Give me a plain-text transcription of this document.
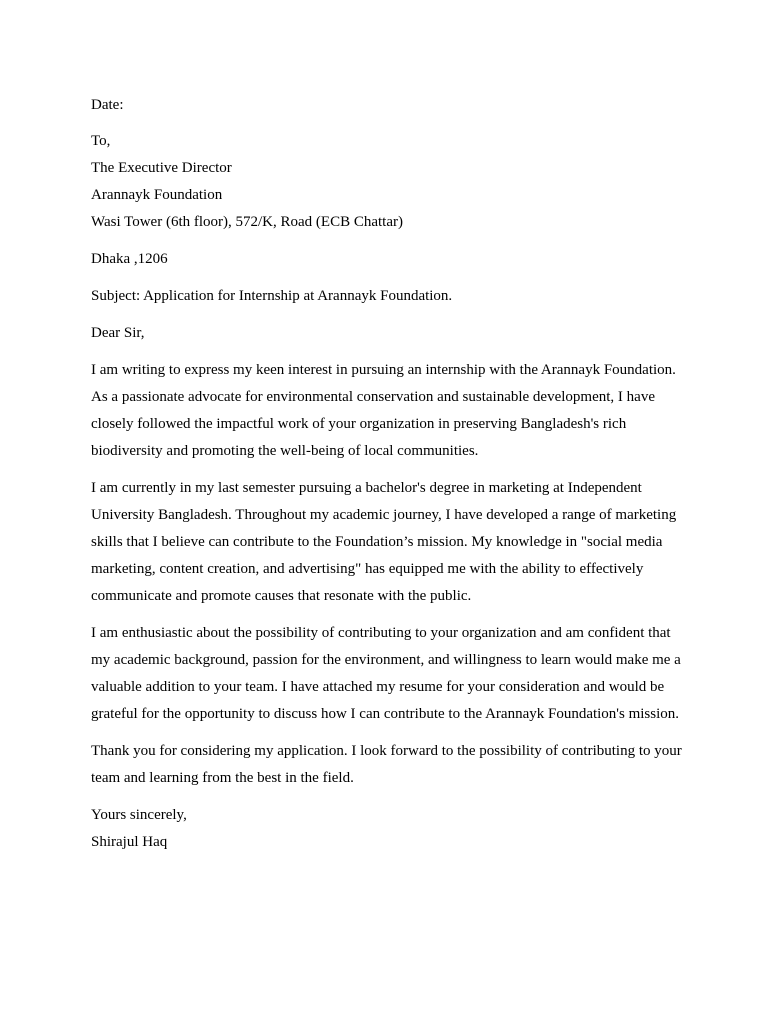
Date:
To,
The Executive Director
Arannayk Foundation
Wasi Tower (6th floor), 572/K, Road (ECB Chattar)
Dhaka ,1206
Subject: Application for Internship at Arannayk Foundation.
Dear Sir,
I am writing to express my keen interest in pursuing an internship with the Arannayk Foundation. As a passionate advocate for environmental conservation and sustainable development, I have closely followed the impactful work of your organization in preserving Bangladesh's rich biodiversity and promoting the well-being of local communities.
I am currently in my last semester pursuing a bachelor's degree in marketing at Independent University Bangladesh. Throughout my academic journey, I have developed a range of marketing skills that I believe can contribute to the Foundation’s mission. My knowledge in "social media marketing, content creation, and advertising" has equipped me with the ability to effectively communicate and promote causes that resonate with the public.
I am enthusiastic about the possibility of contributing to your organization and am confident that my academic background, passion for the environment, and willingness to learn would make me a valuable addition to your team. I have attached my resume for your consideration and would be grateful for the opportunity to discuss how I can contribute to the Arannayk Foundation's mission.
Thank you for considering my application. I look forward to the possibility of contributing to your team and learning from the best in the field.
Yours sincerely,
Shirajul Haq
